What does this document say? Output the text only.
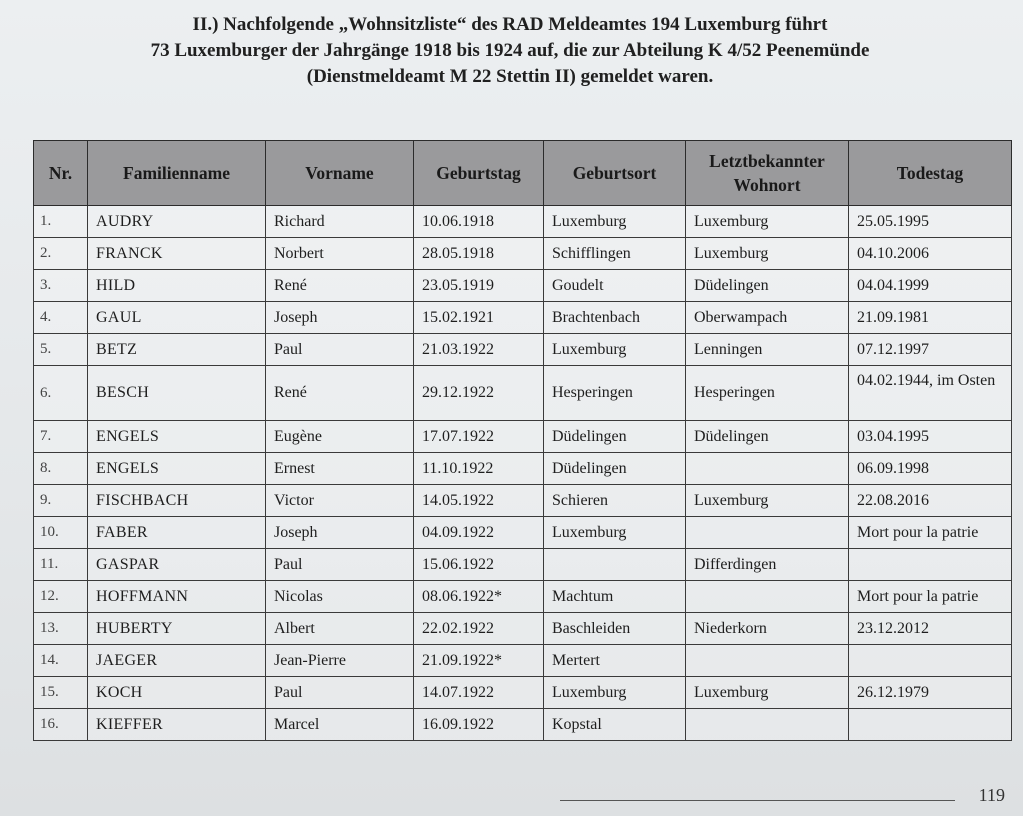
II.) Nachfolgende „Wohnsitzliste“ des RAD Meldeamtes 194 Luxemburg führt
73 Luxemburger der Jahrgänge 1918 bis 1924 auf, die zur Abteilung K 4/52 Peenemünde
(Dienstmeldeamt M 22 Stettin II) gemeldet waren.
Nr.	Familienname	Vorname	Geburtstag	Geburtsort	Letztbekannter Wohnort	Todestag
1.	AUDRY	Richard	10.06.1918	Luxemburg	Luxemburg	25.05.1995
2.	FRANCK	Norbert	28.05.1918	Schifflingen	Luxemburg	04.10.2006
3.	HILD	René	23.05.1919	Goudelt	Düdelingen	04.04.1999
4.	GAUL	Joseph	15.02.1921	Brachtenbach	Oberwampach	21.09.1981
5.	BETZ	Paul	21.03.1922	Luxemburg	Lenningen	07.12.1997
6.	BESCH	René	29.12.1922	Hesperingen	Hesperingen	04.02.1944, im Osten
7.	ENGELS	Eugène	17.07.1922	Düdelingen	Düdelingen	03.04.1995
8.	ENGELS	Ernest	11.10.1922	Düdelingen		06.09.1998
9.	FISCHBACH	Victor	14.05.1922	Schieren	Luxemburg	22.08.2016
10.	FABER	Joseph	04.09.1922	Luxemburg		Mort pour la patrie
11.	GASPAR	Paul	15.06.1922		Differdingen	
12.	HOFFMANN	Nicolas	08.06.1922*	Machtum		Mort pour la patrie
13.	HUBERTY	Albert	22.02.1922	Baschleiden	Niederkorn	23.12.2012
14.	JAEGER	Jean-Pierre	21.09.1922*	Mertert		
15.	KOCH	Paul	14.07.1922	Luxemburg	Luxemburg	26.12.1979
16.	KIEFFER	Marcel	16.09.1922	Kopstal		
119
